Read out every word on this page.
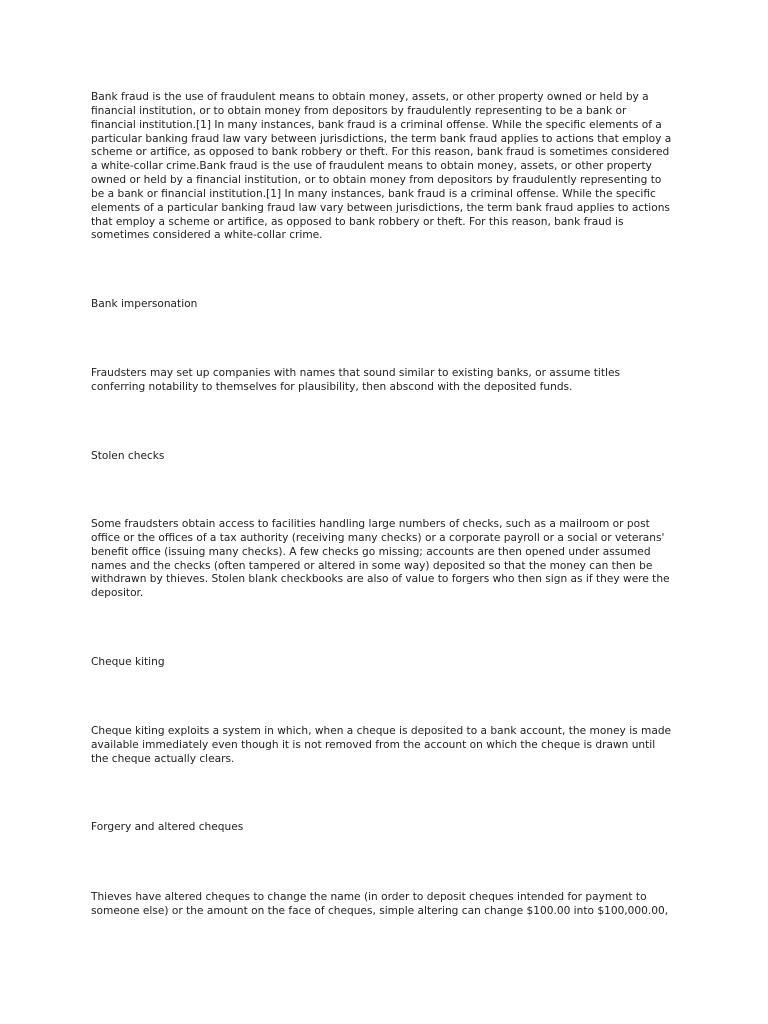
Bank fraud is the use of fraudulent means to obtain money, assets, or other property owned or held by a
financial institution, or to obtain money from depositors by fraudulently representing to be a bank or
financial institution.[1] In many instances, bank fraud is a criminal offense. While the specific elements of a
particular banking fraud law vary between jurisdictions, the term bank fraud applies to actions that employ a
scheme or artifice, as opposed to bank robbery or theft. For this reason, bank fraud is sometimes considered
a white-collar crime.Bank fraud is the use of fraudulent means to obtain money, assets, or other property
owned or held by a financial institution, or to obtain money from depositors by fraudulently representing to
be a bank or financial institution.[1] In many instances, bank fraud is a criminal offense. While the specific
elements of a particular banking fraud law vary between jurisdictions, the term bank fraud applies to actions
that employ a scheme or artifice, as opposed to bank robbery or theft. For this reason, bank fraud is
sometimes considered a white-collar crime.

Bank impersonation

Fraudsters may set up companies with names that sound similar to existing banks, or assume titles
conferring notability to themselves for plausibility, then abscond with the deposited funds.

Stolen checks

Some fraudsters obtain access to facilities handling large numbers of checks, such as a mailroom or post
office or the offices of a tax authority (receiving many checks) or a corporate payroll or a social or veterans'
benefit office (issuing many checks). A few checks go missing; accounts are then opened under assumed
names and the checks (often tampered or altered in some way) deposited so that the money can then be
withdrawn by thieves. Stolen blank checkbooks are also of value to forgers who then sign as if they were the
depositor.

Cheque kiting

Cheque kiting exploits a system in which, when a cheque is deposited to a bank account, the money is made
available immediately even though it is not removed from the account on which the cheque is drawn until
the cheque actually clears.

Forgery and altered cheques

Thieves have altered cheques to change the name (in order to deposit cheques intended for payment to
someone else) or the amount on the face of cheques, simple altering can change $100.00 into $100,000.00,
